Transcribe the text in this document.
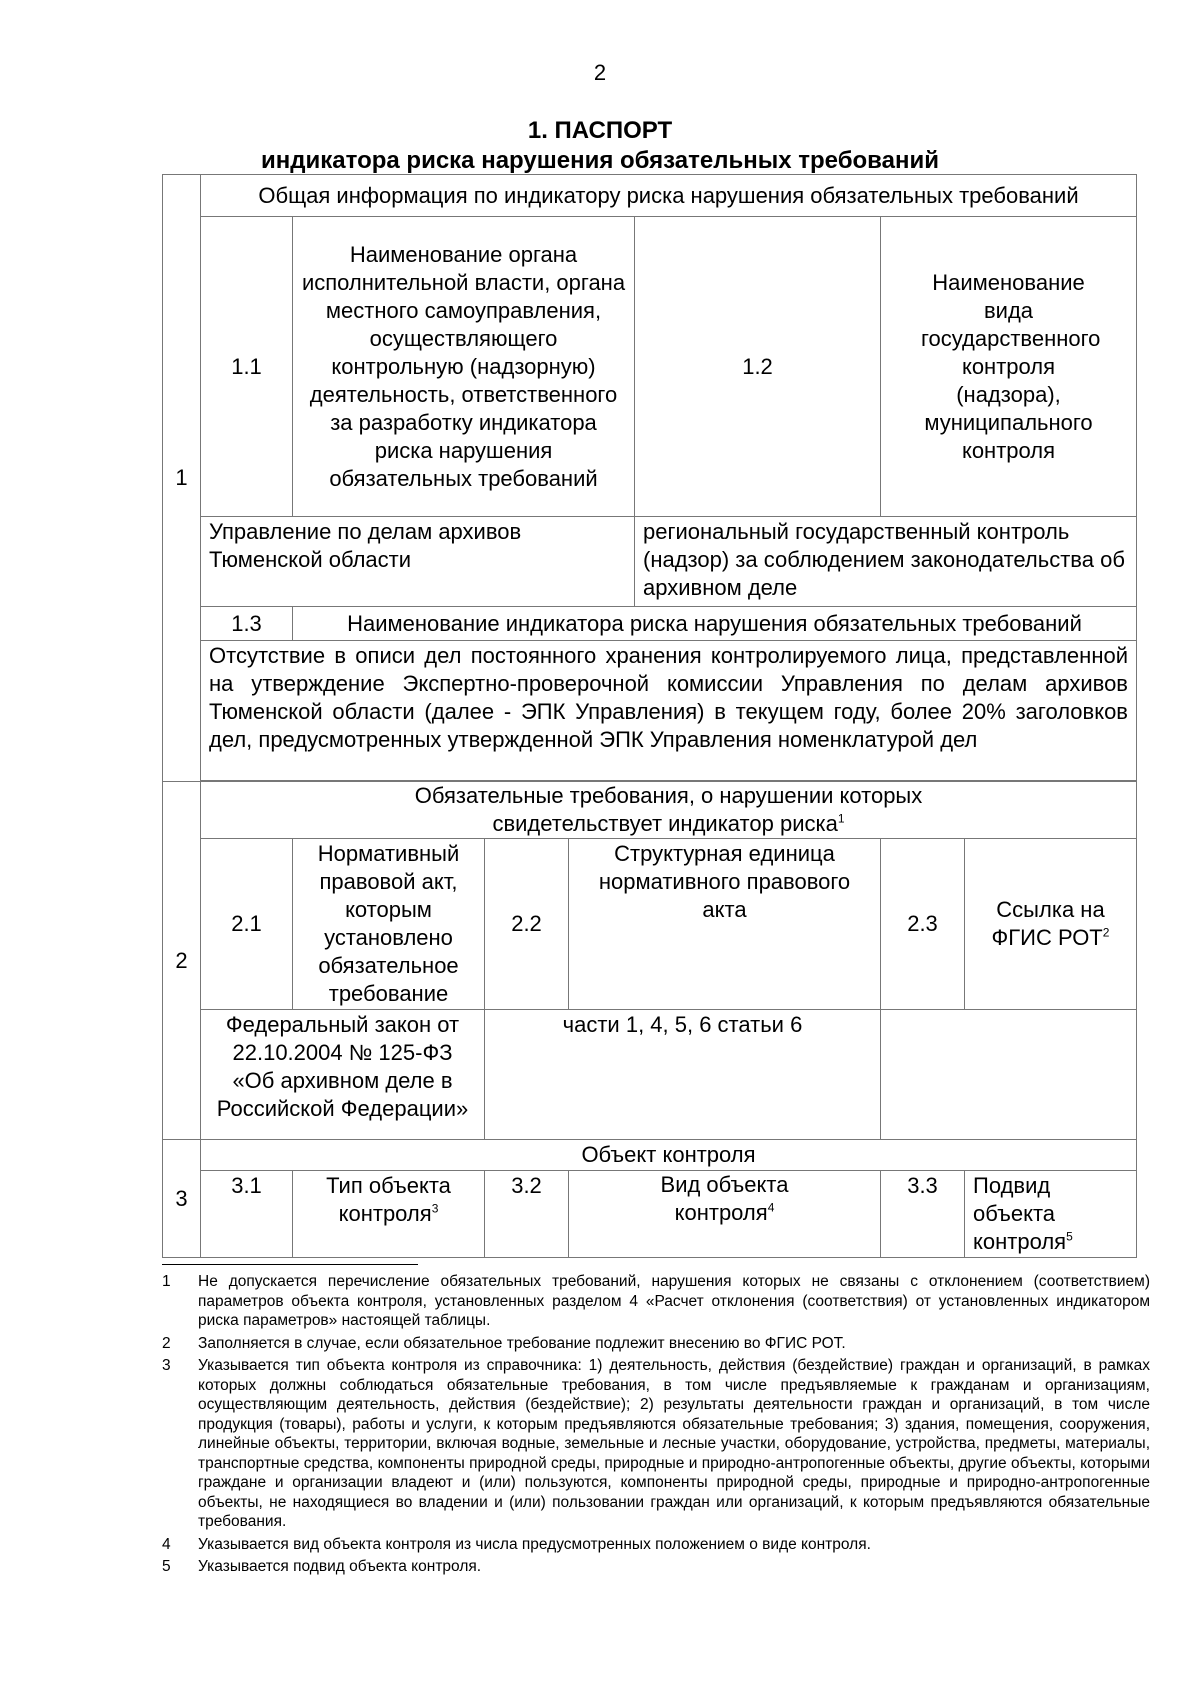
2
1. ПАСПОРТ
индикатора риска нарушения обязательных требований
1	Общая информация по индикатору риска нарушения обязательных требований						
	1.1	Наименование органа исполнительной власти, органа местного самоуправления, осуществляющего контрольную (надзорную) деятельность, ответственного за разработку индикатора риска нарушения обязательных требований			1.2	Наименование вида государственного контроля (надзора), муниципального контроля	
	Управление по делам архивов Тюменской области				региональный государственный контроль (надзор) за соблюдением законодательства об архивном деле		
	1.3	Наименование индикатора риска нарушения обязательных требований					
	Отсутствие в описи дел постоянного хранения контролируемого лица, представленной на утверждение Экспертно-проверочной комиссии Управления по делам архивов Тюменской области (далее - ЭПК Управления) в текущем году, более 20% заголовков дел, предусмотренных утвержденной ЭПК Управления номенклатурой дел						

2	Обязательные требования, о нарушении которых свидетельствует индикатор риска$^1$
	2.1	Нормативный правовой акт, которым установлено обязательное требование	2.2	Структурная единица нормативного правового акта		2.3	Ссылка на ФГИС РОТ$^2$
	Федеральный закон от 22.10.2004 № 125-ФЗ «Об архивном деле в Российской Федерации»		части 1, 4, 5, 6 статьи 6				
3	Объект контроля						
	3.1	Тип объекта контроля$^3$	3.2	Вид объекта контроля$^4$		3.3	Подвид объекта контроля$^5$
1	Не допускается перечисление обязательных требований, нарушения которых не связаны с отклонением (соответствием) параметров объекта контроля, установленных разделом 4 «Расчет отклонения (соответствия) от установленных индикатором риска параметров» настоящей таблицы.
2	Заполняется в случае, если обязательное требование подлежит внесению во ФГИС РОТ.
3	Указывается тип объекта контроля из справочника: 1) деятельность, действия (бездействие) граждан и организаций, в рамках которых должны соблюдаться обязательные требования, в том числе предъявляемые к гражданам и организациям, осуществляющим деятельность, действия (бездействие); 2) результаты деятельности граждан и организаций, в том числе продукция (товары), работы и услуги, к которым предъявляются обязательные требования; 3) здания, помещения, сооружения, линейные объекты, территории, включая водные, земельные и лесные участки, оборудование, устройства, предметы, материалы, транспортные средства, компоненты природной среды, природные и природно-антропогенные объекты, другие объекты, которыми граждане и организации владеют и (или) пользуются, компоненты природной среды, природные и природно-антропогенные объекты, не находящиеся во владении и (или) пользовании граждан или организаций, к которым предъявляются обязательные требования.
4	Указывается вид объекта контроля из числа предусмотренных положением о виде контроля.
5	Указывается подвид объекта контроля.
